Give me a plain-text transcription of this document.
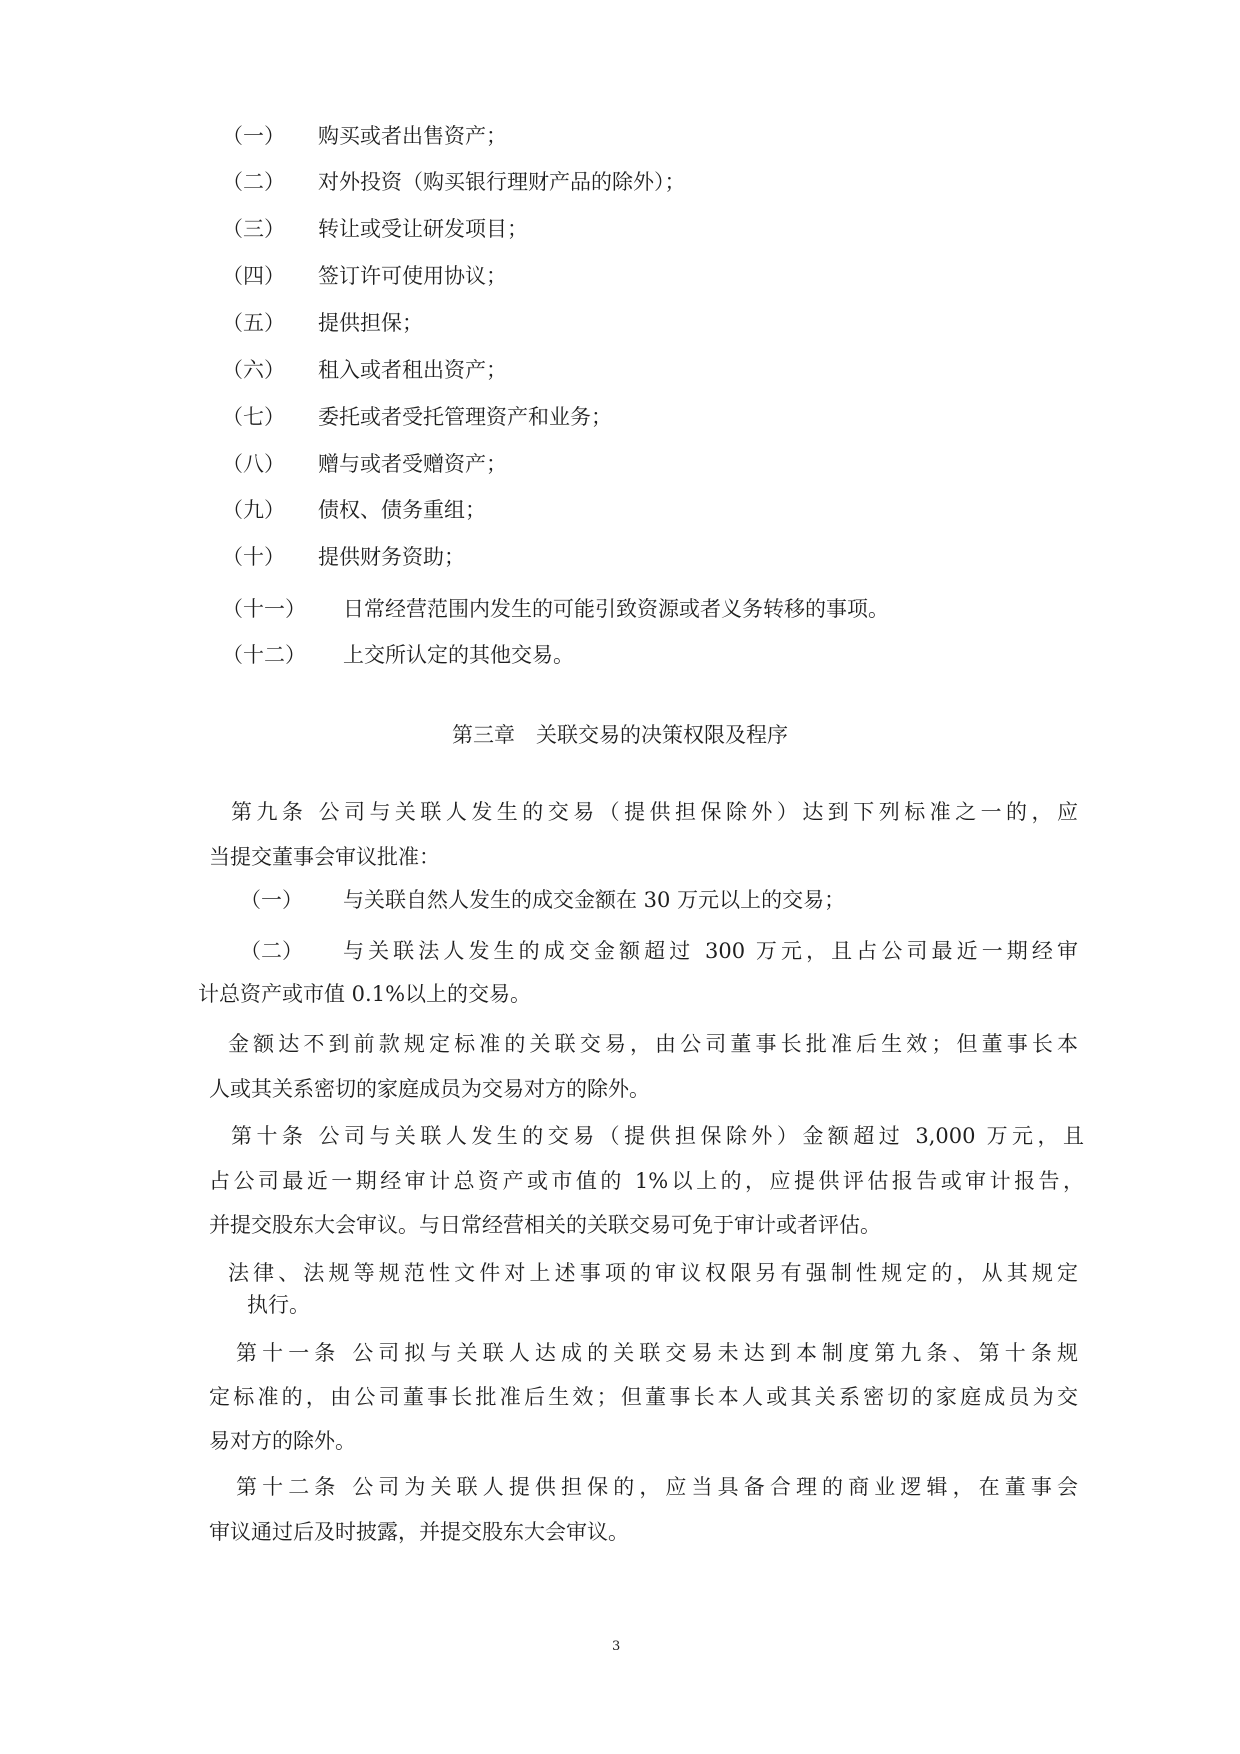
（一） 购买或者出售资产；
（二） 对外投资（购买银行理财产品的除外）；
（三） 转让或受让研发项目；
（四） 签订许可使用协议；
（五） 提供担保；
（六） 租入或者租出资产；
（七） 委托或者受托管理资产和业务；
（八） 赠与或者受赠资产；
（九） 债权、债务重组；
（十） 提供财务资助；
（十一） 日常经营范围内发生的可能引致资源或者义务转移的事项。
（十二） 上交所认定的其他交易。
第三章　关联交易的决策权限及程序
第九条 公司与关联人发生的交易（提供担保除外）达到下列标准之一的，应
当提交董事会审议批准：
（一） 与关联自然人发生的成交金额在 30 万元以上的交易；
（二） 与关联法人发生的成交金额超过 300 万元，且占公司最近一期经审
计总资产或市值 0.1%以上的交易。
金额达不到前款规定标准的关联交易，由公司董事长批准后生效；但董事长本
人或其关系密切的家庭成员为交易对方的除外。
第十条 公司与关联人发生的交易（提供担保除外）金额超过 3,000 万元，且
占公司最近一期经审计总资产或市值的 1%以上的，应提供评估报告或审计报告，
并提交股东大会审议。与日常经营相关的关联交易可免于审计或者评估。
法律、法规等规范性文件对上述事项的审议权限另有强制性规定的，从其规定
执行。
第十一条 公司拟与关联人达成的关联交易未达到本制度第九条、第十条规
定标准的，由公司董事长批准后生效；但董事长本人或其关系密切的家庭成员为交
易对方的除外。
第十二条 公司为关联人提供担保的，应当具备合理的商业逻辑，在董事会
审议通过后及时披露，并提交股东大会审议。
3
